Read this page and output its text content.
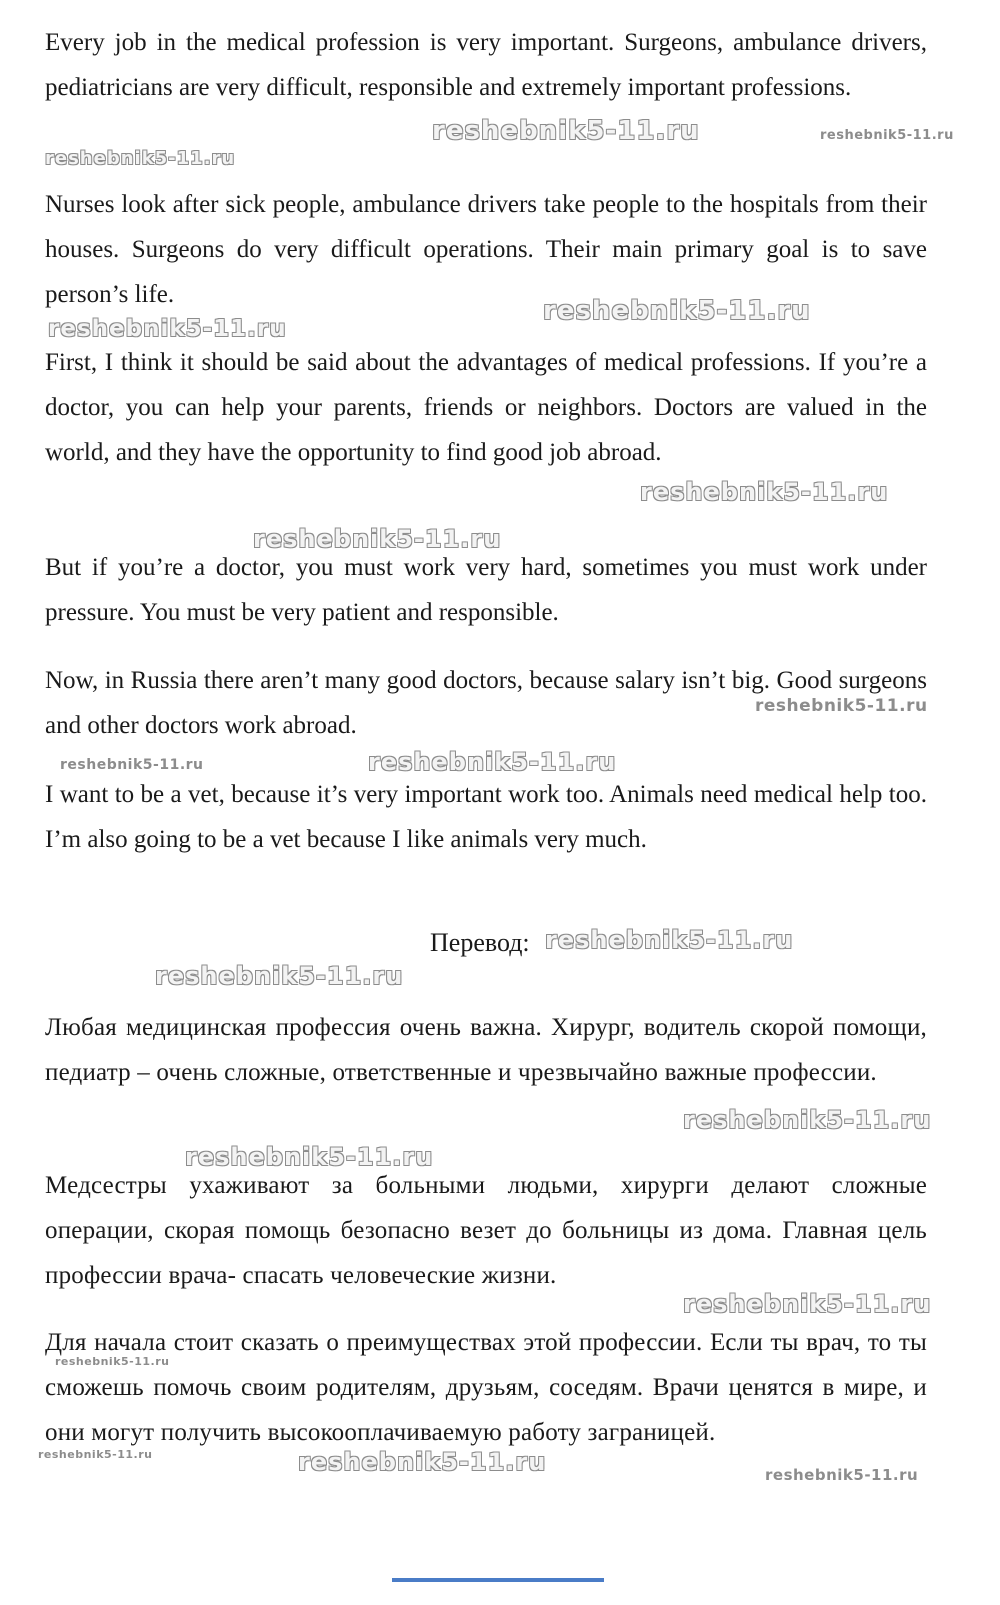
Every job in the medical profession is very important. Surgeons, ambulance drivers, pediatricians are very difficult, responsible and extremely important professions.

Nurses look after sick people, ambulance drivers take people to the hospitals from their houses. Surgeons do very difficult operations. Their main primary goal is to save person’s life.

First, I think it should be said about the advantages of medical professions. If you’re a doctor, you can help your parents, friends or neighbors. Doctors are valued in the world, and they have the opportunity to find good job abroad.

But if you’re a doctor, you must work very hard, sometimes you must work under pressure. You must be very patient and responsible.

Now, in Russia there aren’t many good doctors, because salary isn’t big. Good surgeons and other doctors work abroad.

I want to be a vet, because it’s very important work too. Animals need medical help too. I’m also going to be a vet because I like animals very much.

Перевод:

Любая медицинская профессия очень важна. Хирург, водитель скорой помощи, педиатр – очень сложные, ответственные и чрезвычайно важные профессии.

Медсестры ухаживают за больными людьми, хирурги делают сложные операции, скорая помощь безопасно везет до больницы из дома. Главная цель профессии врача- спасать человеческие жизни.

Для начала стоит сказать о преимуществах этой профессии. Если ты врач, то ты сможешь помочь своим родителям, друзьям, соседям. Врачи ценятся в мире, и они могут получить высокооплачиваемую работу заграницей.

reshebnik5-11.ru	reshebnik5-11.ru
reshebnik5-11.ru
reshebnik5-11.ru
reshebnik5-11.ru
reshebnik5-11.ru
reshebnik5-11.ru
reshebnik5-11.ru
reshebnik5-11.ru	reshebnik5-11.ru
reshebnik5-11.ru
reshebnik5-11.ru
reshebnik5-11.ru
reshebnik5-11.ru
reshebnik5-11.ru
reshebnik5-11.ru
reshebnik5-11.ru	reshebnik5-11.ru	reshebnik5-11.ru
